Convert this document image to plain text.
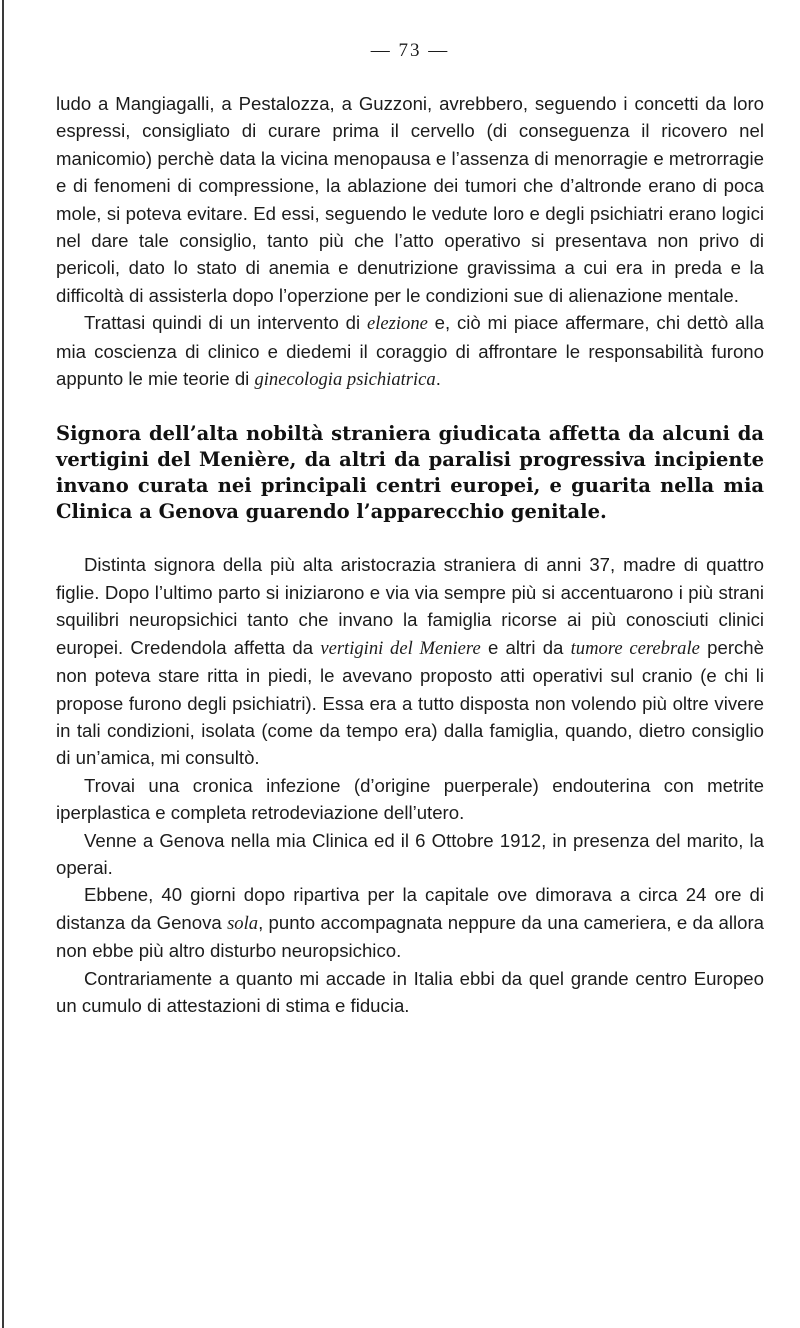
— 73 —

ludo a Mangiagalli, a Pestalozza, a Guzzoni, avrebbero, seguendo i concetti da loro espressi, consigliato di curare prima il cervello (di conseguenza il ricovero nel manicomio) perchè data la vicina menopausa e l’assenza di menorragie e metrorragie e di fenomeni di compressione, la ablazione dei tumori che d’altronde erano di poca mole, si poteva evitare. Ed essi, seguendo le vedute loro e degli psichiatri erano logici nel dare tale consiglio, tanto più che l’atto operativo si presentava non privo di pericoli, dato lo stato di anemia e denutrizione gravissima a cui era in preda e la difficoltà di assisterla dopo l’operzione per le condizioni sue di alienazione mentale.

Trattasi quindi di un intervento di elezione e, ciò mi piace affermare, chi dettò alla mia coscienza di clinico e diedemi il coraggio di affrontare le responsabilità furono appunto le mie teorie di ginecologia psichiatrica.

Signora dell’alta nobiltà straniera giudicata affetta da alcuni da vertigini del Menière, da altri da paralisi progressiva incipiente invano curata nei principali centri europei, e guarita nella mia Clinica a Genova guarendo l’apparecchio genitale.

Distinta signora della più alta aristocrazia straniera di anni 37, madre di quattro figlie. Dopo l’ultimo parto si iniziarono e via via sempre più si accentuarono i più strani squilibri neuropsichici tanto che invano la famiglia ricorse ai più conosciuti clinici europei. Credendola affetta da vertigini del Meniere e altri da tumore cerebrale perchè non poteva stare ritta in piedi, le avevano proposto atti operativi sul cranio (e chi li propose furono degli psichiatri). Essa era a tutto disposta non volendo più oltre vivere in tali condizioni, isolata (come da tempo era) dalla famiglia, quando, dietro consiglio di un’amica, mi consultò.

Trovai una cronica infezione (d’origine puerperale) endouterina con metrite iperplastica e completa retrodeviazione dell’utero.

Venne a Genova nella mia Clinica ed il 6 Ottobre 1912, in presenza del marito, la operai.

Ebbene, 40 giorni dopo ripartiva per la capitale ove dimorava a circa 24 ore di distanza da Genova sola, punto accompagnata neppure da una cameriera, e da allora non ebbe più altro disturbo neuropsichico.

Contrariamente a quanto mi accade in Italia ebbi da quel grande centro Europeo un cumulo di attestazioni di stima e fiducia.
